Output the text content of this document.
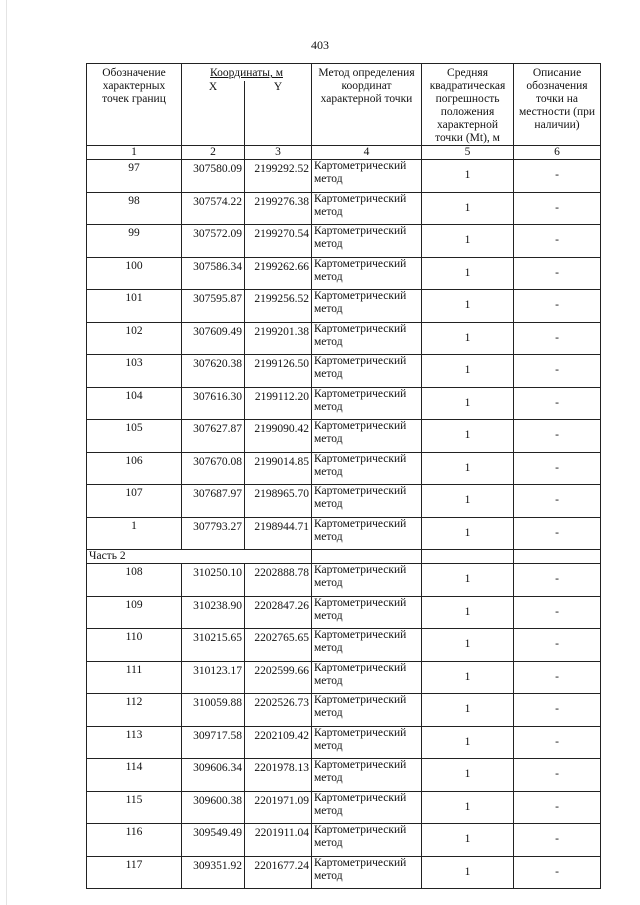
403
Обозначение характерных точек границ	Координаты, м		Метод определения координат характерной точки	Средняя квадратическая погрешность положения характерной точки (Mt), м	Описание обозначения точки на местности (при наличии)
	X	Y			
1	2	3	4	5	6
97	307580.09	2199292.52	Картометрический метод	1	-
98	307574.22	2199276.38	Картометрический метод	1	-
99	307572.09	2199270.54	Картометрический метод	1	-
100	307586.34	2199262.66	Картометрический метод	1	-
101	307595.87	2199256.52	Картометрический метод	1	-
102	307609.49	2199201.38	Картометрический метод	1	-
103	307620.38	2199126.50	Картометрический метод	1	-
104	307616.30	2199112.20	Картометрический метод	1	-
105	307627.87	2199090.42	Картометрический метод	1	-
106	307670.08	2199014.85	Картометрический метод	1	-
107	307687.97	2198965.70	Картометрический метод	1	-
1	307793.27	2198944.71	Картометрический метод	1	-
Часть 2					
108	310250.10	2202888.78	Картометрический метод	1	-
109	310238.90	2202847.26	Картометрический метод	1	-
110	310215.65	2202765.65	Картометрический метод	1	-
111	310123.17	2202599.66	Картометрический метод	1	-
112	310059.88	2202526.73	Картометрический метод	1	-
113	309717.58	2202109.42	Картометрический метод	1	-
114	309606.34	2201978.13	Картометрический метод	1	-
115	309600.38	2201971.09	Картометрический метод	1	-
116	309549.49	2201911.04	Картометрический метод	1	-
117	309351.92	2201677.24	Картометрический метод	1	-
